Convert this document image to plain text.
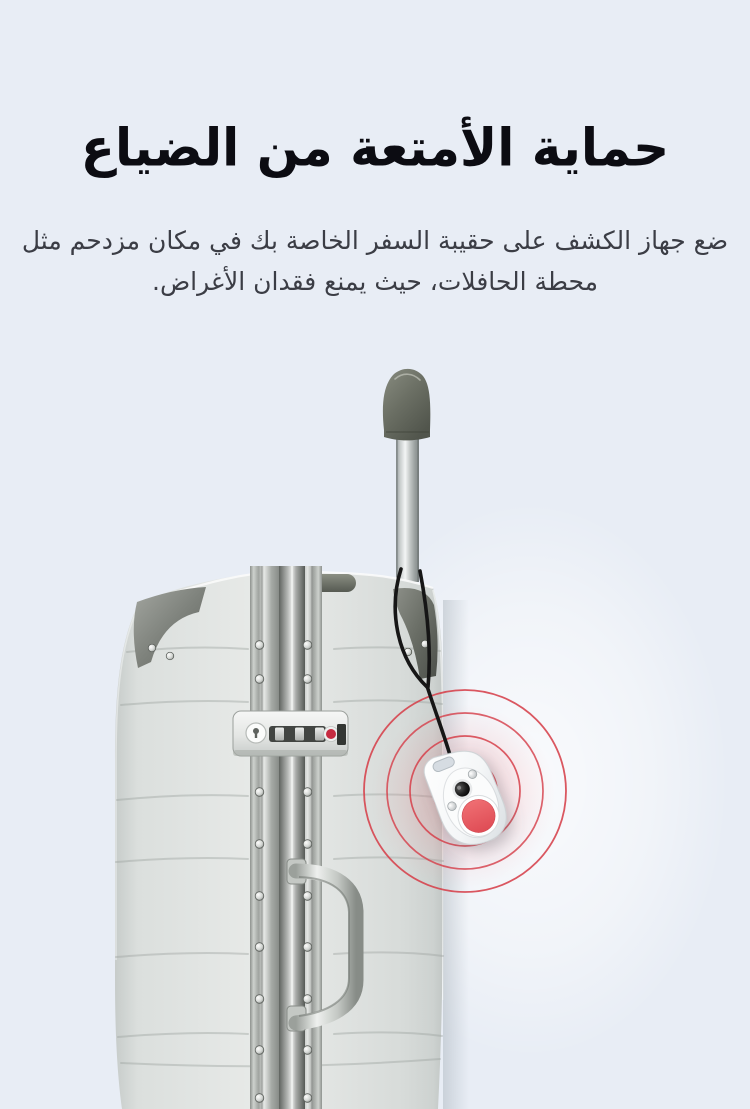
حماية الأمتعة من الضياع

ضع جهاز الكشف على حقيبة السفر الخاصة بك في مكان مزدحم مثل
محطة الحافلات، حيث يمنع فقدان الأغراض.
